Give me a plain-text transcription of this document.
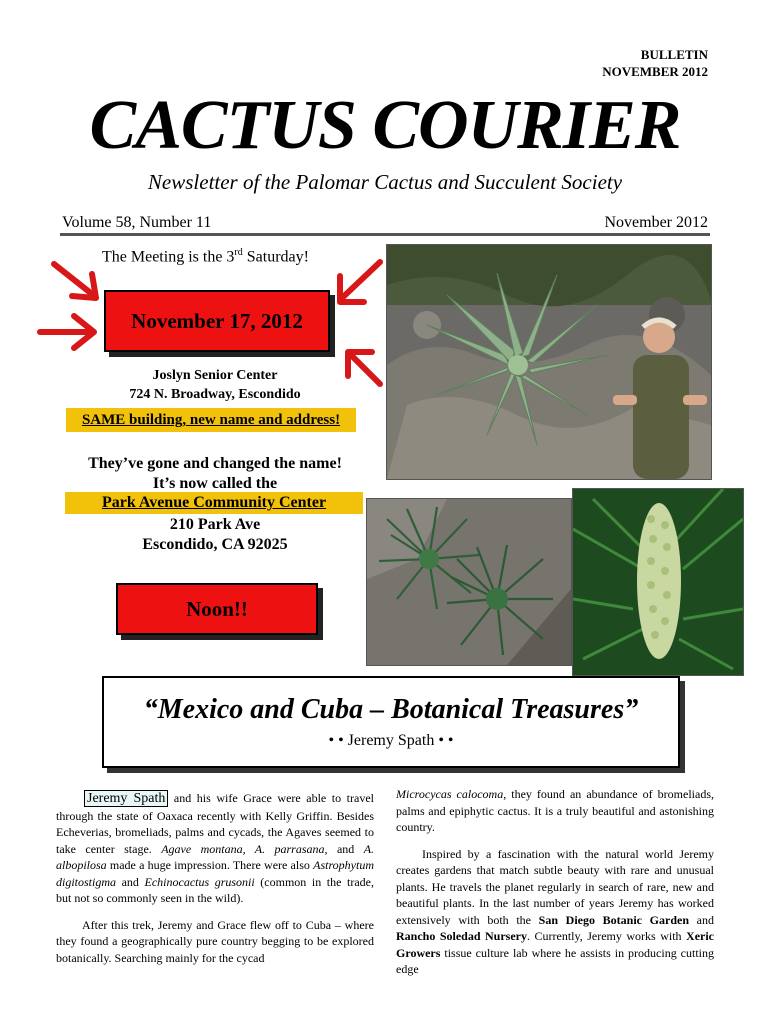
BULLETIN
NOVEMBER 2012
CACTUS COURIER
Newsletter of the Palomar Cactus and Succulent Society
Volume 58, Number 11	November 2012
The Meeting is the 3rd Saturday!
November 17, 2012
Joslyn Senior Center
724 N. Broadway, Escondido
SAME building, new name and address!
They’ve gone and changed the name!
It’s now called the
Park Avenue Community Center
210 Park Ave
Escondido, CA 92025
Noon!!
“Mexico and Cuba – Botanical Treasures”
• • Jeremy Spath • •

Jeremy Spath and his wife Grace were able to travel through the state of Oaxaca recently with Kelly Griffin. Besides Echeverias, bromeliads, palms and cycads, the Agaves seemed to take center stage. Agave montana, A. parrasana, and A. albopilosa made a huge impression. There were also Astrophytum digitostigma and Echinocactus grusonii (common in the trade, but not so commonly seen in the wild).

After this trek, Jeremy and Grace flew off to Cuba – where they found a geographically pure country begging to be explored botanically. Searching mainly for the cycad

Microcycas calocoma, they found an abundance of bromeliads, palms and epiphytic cactus. It is a truly beautiful and astonishing country.

Inspired by a fascination with the natural world Jeremy creates gardens that match subtle beauty with rare and unusual plants. He travels the planet regularly in search of rare, new and beautiful plants. In the last number of years Jeremy has worked extensively with both the San Diego Botanic Garden and Rancho Soledad Nursery. Currently, Jeremy works with Xeric Growers tissue culture lab where he assists in producing cutting edge
